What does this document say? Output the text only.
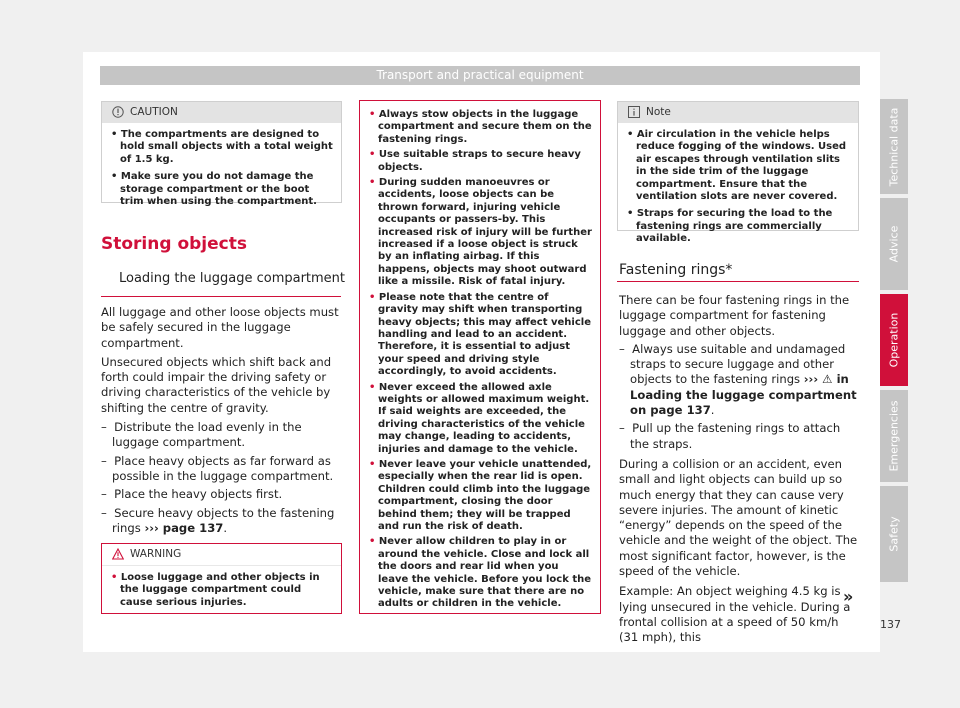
Transport and practical equipment
CAUTION

• The compartments are designed to hold small objects with a total weight of 1.5 kg.

• Make sure you do not damage the storage compartment or the boot trim when using the compartment.

Storing objects
Loading the luggage compartment

All luggage and other loose objects must be safely secured in the luggage compartment.

Unsecured objects which shift back and forth could impair the driving safety or driving characteristics of the vehicle by shifting the centre of gravity.

–  Distribute the load evenly in the luggage compartment.

–  Place heavy objects as far forward as possible in the luggage compartment.

–  Place the heavy objects first.

–  Secure heavy objects to the fastening rings ››› page 137.

WARNING

• Loose luggage and other objects in the luggage compartment could cause serious injuries.

• Always stow objects in the luggage compartment and secure them on the fastening rings.

• Use suitable straps to secure heavy objects.

• During sudden manoeuvres or accidents, loose objects can be thrown forward, injuring vehicle occupants or passers-by. This increased risk of injury will be further increased if a loose object is struck by an inflating airbag. If this happens, objects may shoot outward like a missile. Risk of fatal injury.

• Please note that the centre of gravity may shift when transporting heavy objects; this may affect vehicle handling and lead to an accident. Therefore, it is essential to adjust your speed and driving style accordingly, to avoid accidents.

• Never exceed the allowed axle weights or allowed maximum weight. If said weights are exceeded, the driving characteristics of the vehicle may change, leading to accidents, injuries and damage to the vehicle.

• Never leave your vehicle unattended, especially when the rear lid is open. Children could climb into the luggage compartment, closing the door behind them; they will be trapped and run the risk of death.

• Never allow children to play in or around the vehicle. Close and lock all the doors and rear lid when you leave the vehicle. Before you lock the vehicle, make sure that there are no adults or children in the vehicle.

Note

• Air circulation in the vehicle helps reduce fogging of the windows. Used air escapes through ventilation slits in the side trim of the luggage compartment. Ensure that the ventilation slots are never covered.

• Straps for securing the load to the fastening rings are commercially available.

Fastening rings*

There can be four fastening rings in the luggage compartment for fastening luggage and other objects.

–  Always use suitable and undamaged straps to secure luggage and other objects to the fastening rings ››› ⚠ in Loading the luggage compartment on page 137.

–  Pull up the fastening rings to attach the straps.

During a collision or an accident, even small and light objects can build up so much energy that they can cause very severe injuries. The amount of kinetic “energy” depends on the speed of the vehicle and the weight of the object. The most significant factor, however, is the speed of the vehicle.

Example: An object weighing 4.5 kg is lying unsecured in the vehicle. During a frontal collision at a speed of 50 km/h (31 mph), this

»
Technical data
Advice
Operation
Emergencies
Safety
137
